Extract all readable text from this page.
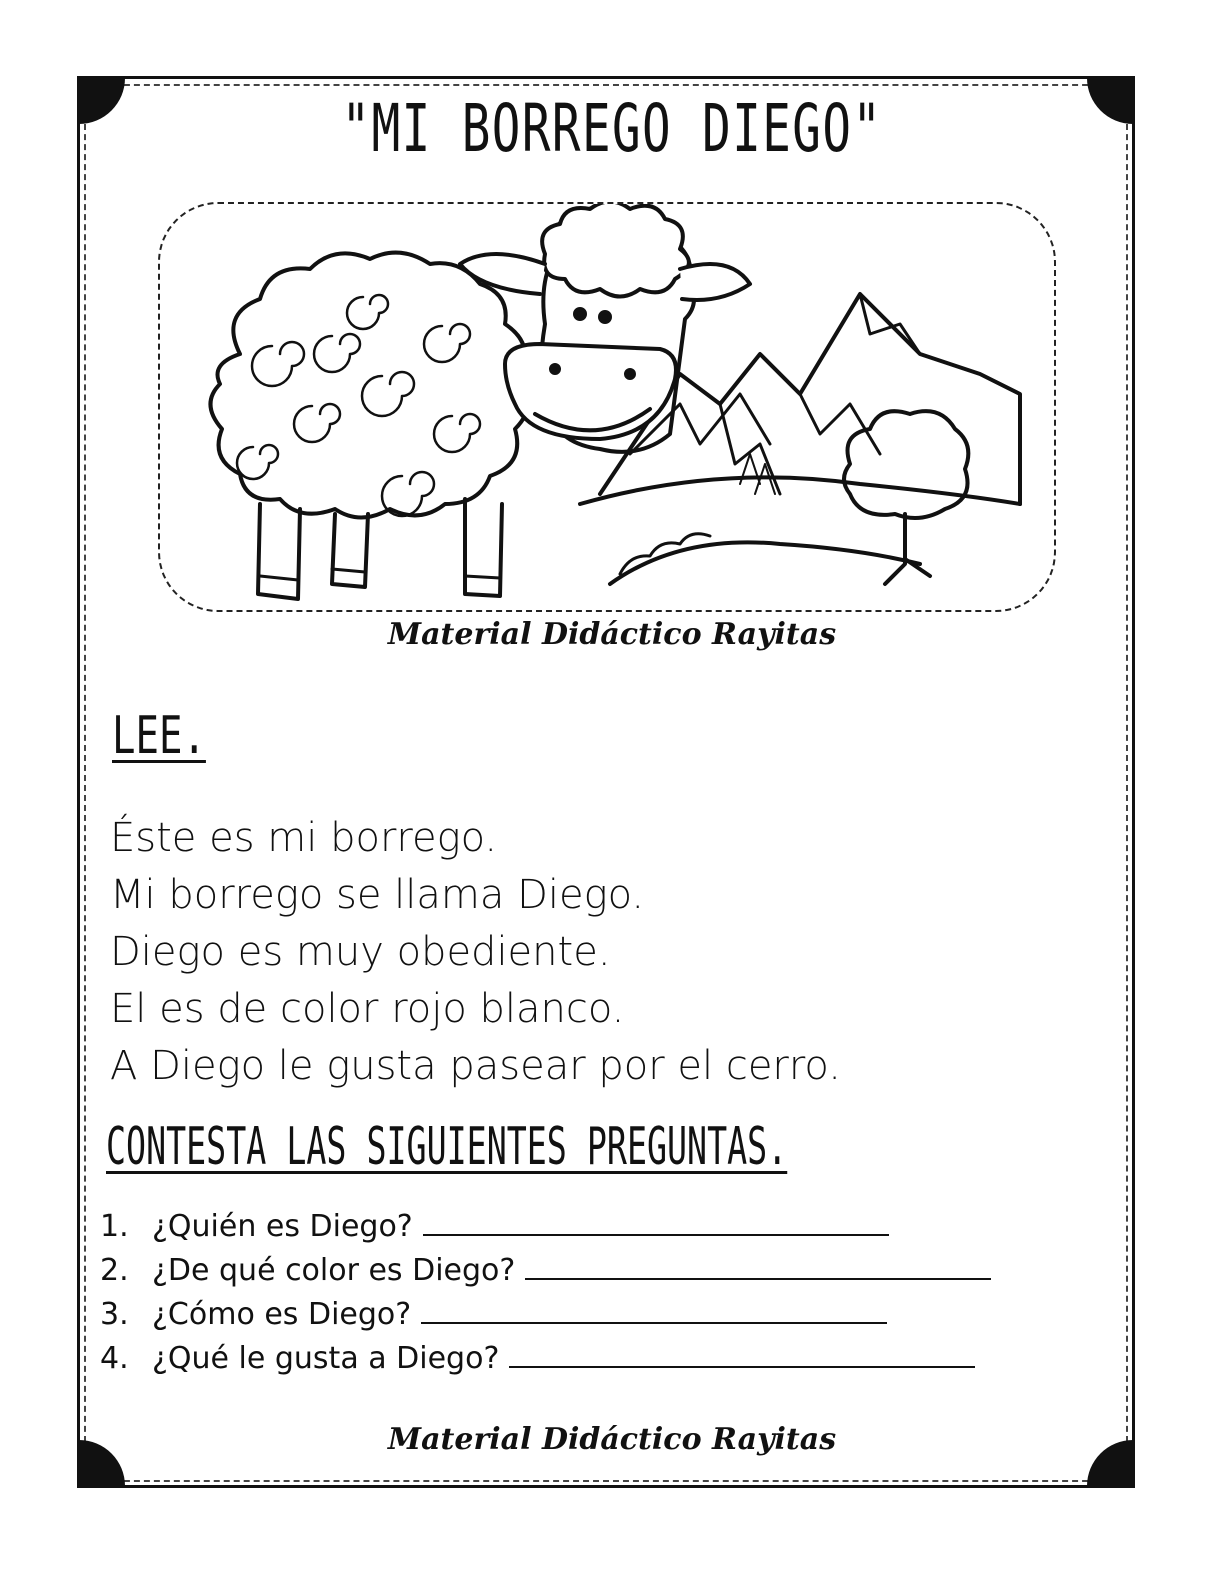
"MI BORREGO DIEGO"
Material Didáctico Rayitas
LEE.
Éste es mi borrego.
Mi borrego se llama Diego.
Diego es muy obediente.
El es de color rojo blanco.
A Diego le gusta pasear por el cerro.
CONTESTA LAS SIGUIENTES PREGUNTAS.
1. ¿Quién es Diego?
2. ¿De qué color es Diego?
3. ¿Cómo es Diego?
4. ¿Qué le gusta a Diego?
Material Didáctico Rayitas
